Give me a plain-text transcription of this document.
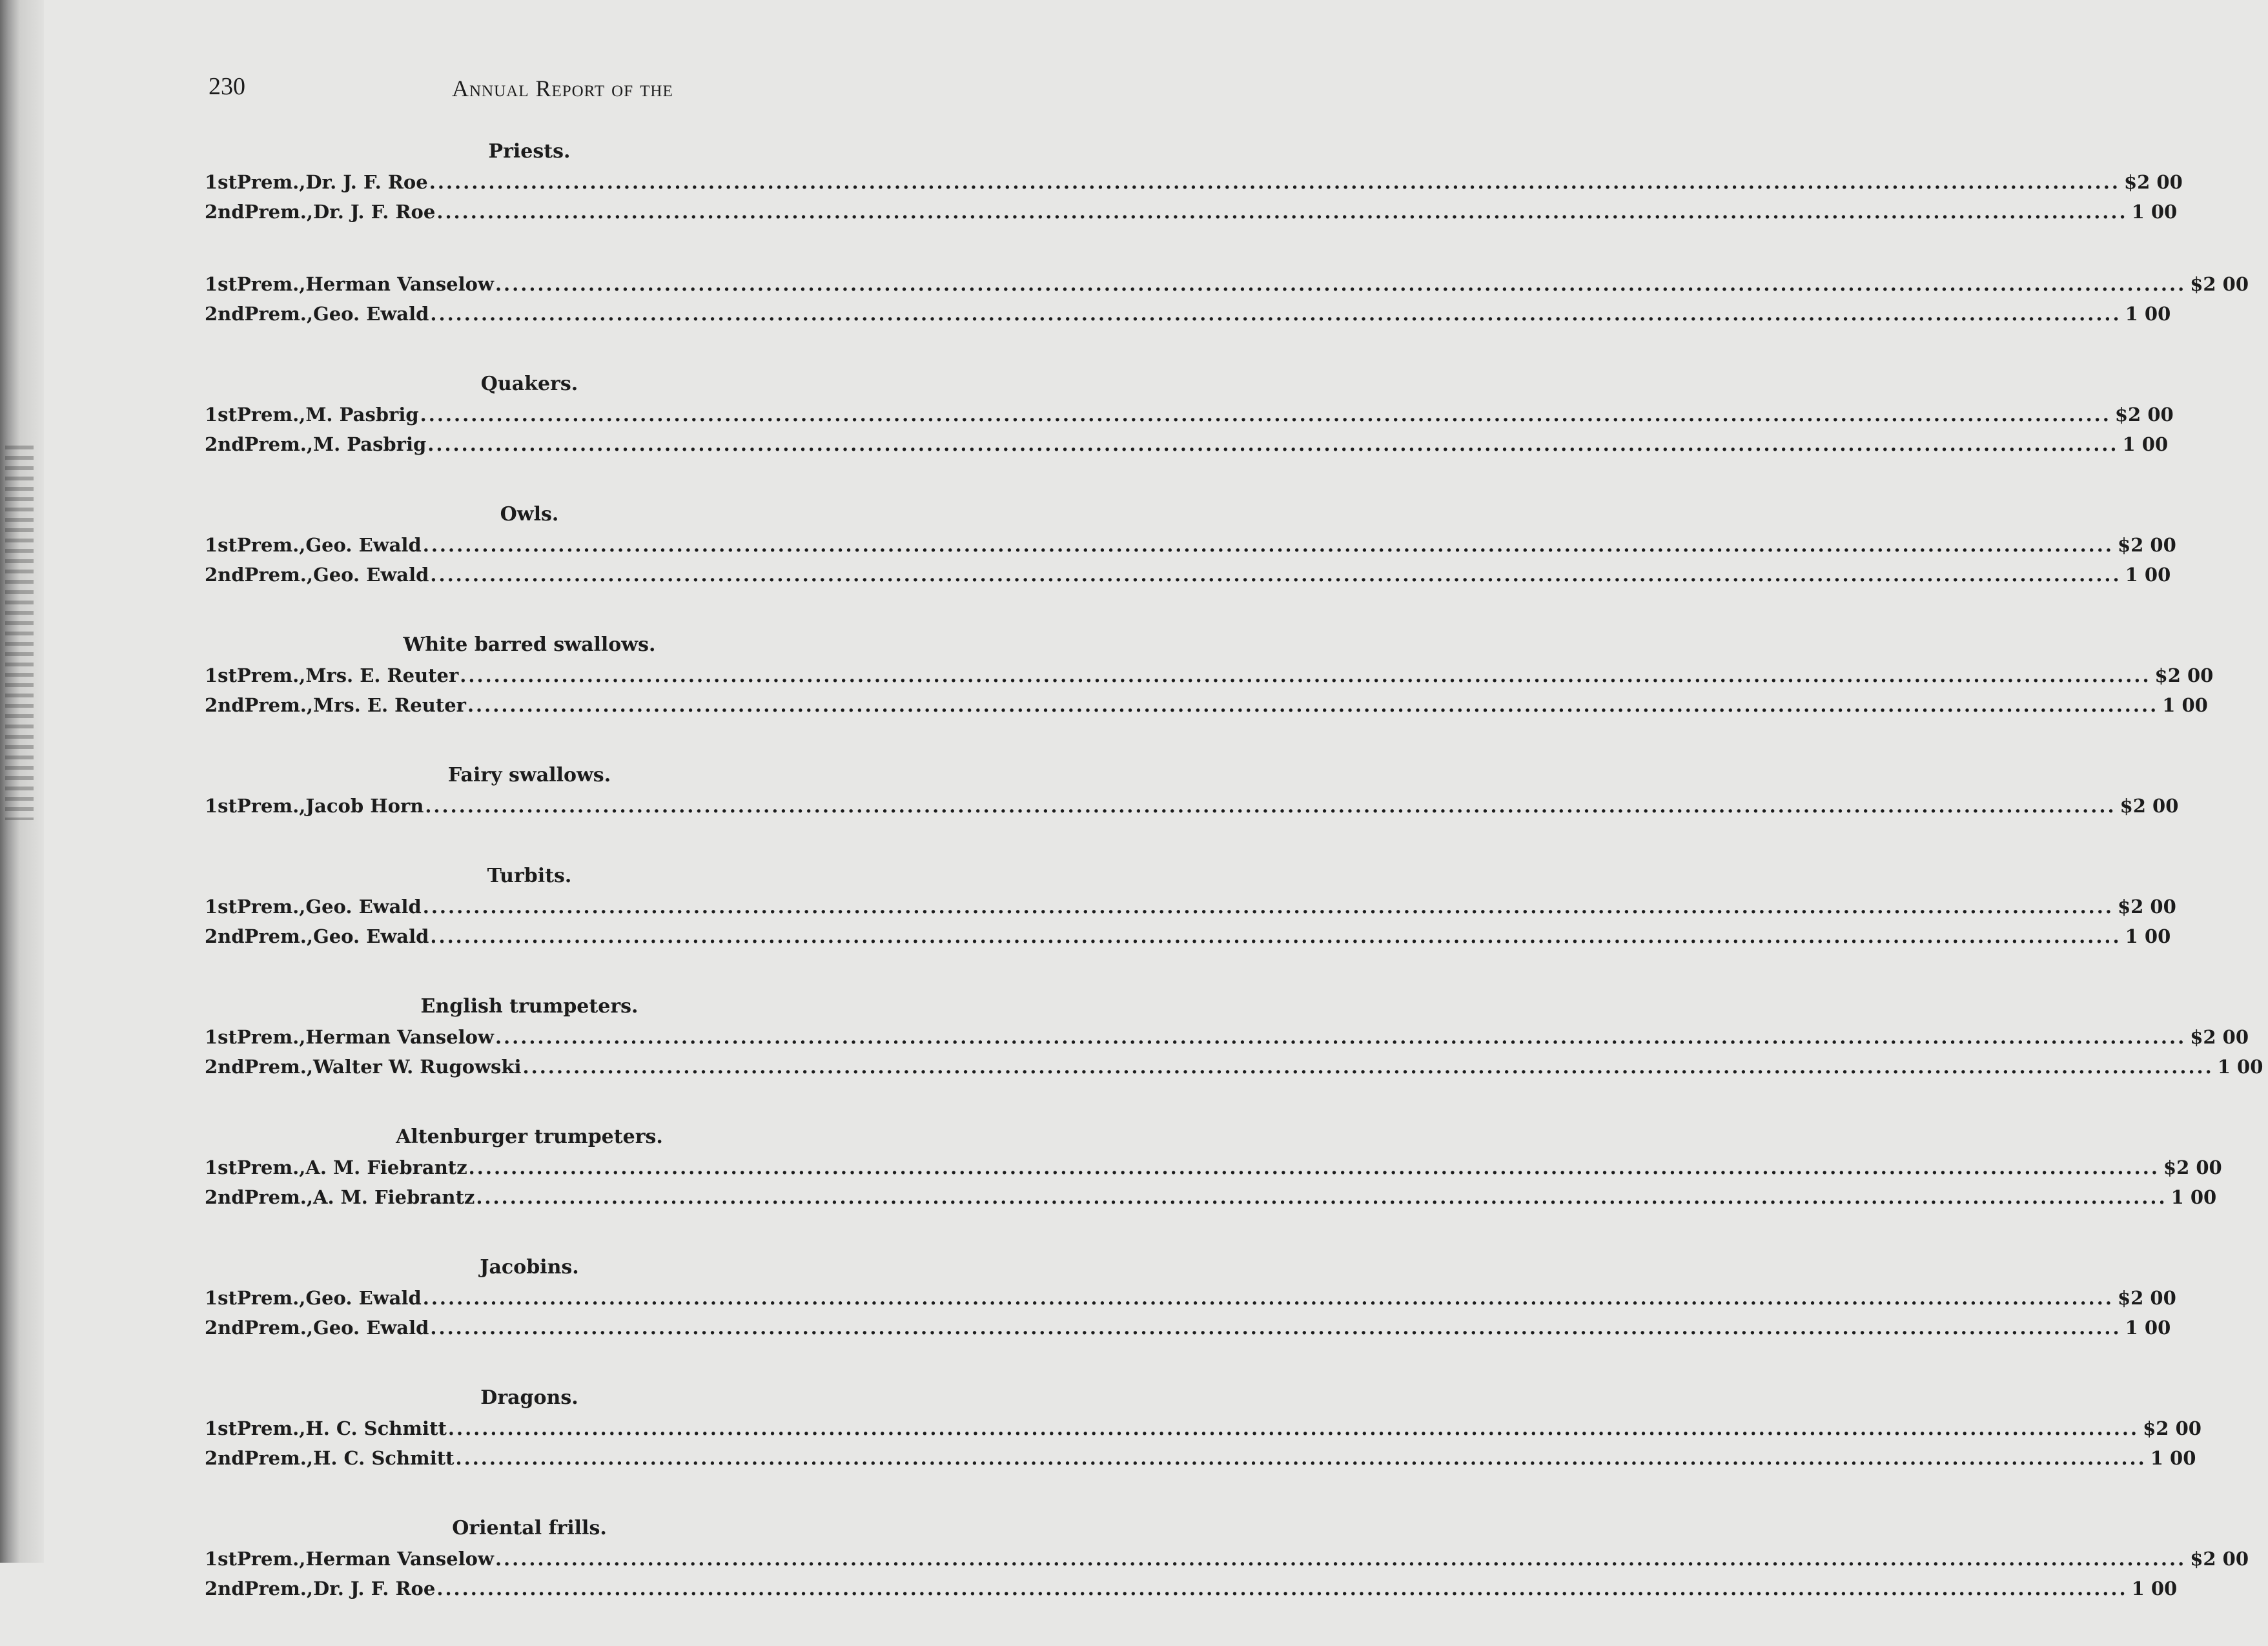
230	Annual Report of the
Priests.
1st Prem., Dr. J. F. Roe ........................................................................................................................................................................................................ $2 00
2nd Prem., Dr. J. F. Roe ........................................................................................................................................................................................................ 1 00
1st Prem., Herman Vanselow ........................................................................................................................................................................................................ $2 00
2nd Prem., Geo. Ewald ........................................................................................................................................................................................................ 1 00
Quakers.
1st Prem., M. Pasbrig ........................................................................................................................................................................................................ $2 00
2nd Prem., M. Pasbrig ........................................................................................................................................................................................................ 1 00
Owls.
1st Prem., Geo. Ewald ........................................................................................................................................................................................................ $2 00
2nd Prem., Geo. Ewald ........................................................................................................................................................................................................ 1 00
White barred swallows.
1st Prem., Mrs. E. Reuter ........................................................................................................................................................................................................ $2 00
2nd Prem., Mrs. E. Reuter ........................................................................................................................................................................................................ 1 00
Fairy swallows.
1st Prem., Jacob Horn ........................................................................................................................................................................................................ $2 00
Turbits.
1st Prem., Geo. Ewald ........................................................................................................................................................................................................ $2 00
2nd Prem., Geo. Ewald ........................................................................................................................................................................................................ 1 00
English trumpeters.
1st Prem., Herman Vanselow ........................................................................................................................................................................................................ $2 00
2nd Prem., Walter W. Rugowski ........................................................................................................................................................................................................ 1 00
Altenburger trumpeters.
1st Prem., A. M. Fiebrantz ........................................................................................................................................................................................................ $2 00
2nd Prem., A. M. Fiebrantz ........................................................................................................................................................................................................ 1 00
Jacobins.
1st Prem., Geo. Ewald ........................................................................................................................................................................................................ $2 00
2nd Prem., Geo. Ewald ........................................................................................................................................................................................................ 1 00
Dragons.
1st Prem., H. C. Schmitt ........................................................................................................................................................................................................ $2 00
2nd Prem., H. C. Schmitt ........................................................................................................................................................................................................ 1 00
Oriental frills.
1st Prem., Herman Vanselow ........................................................................................................................................................................................................ $2 00
2nd Prem., Dr. J. F. Roe ........................................................................................................................................................................................................ 1 00
